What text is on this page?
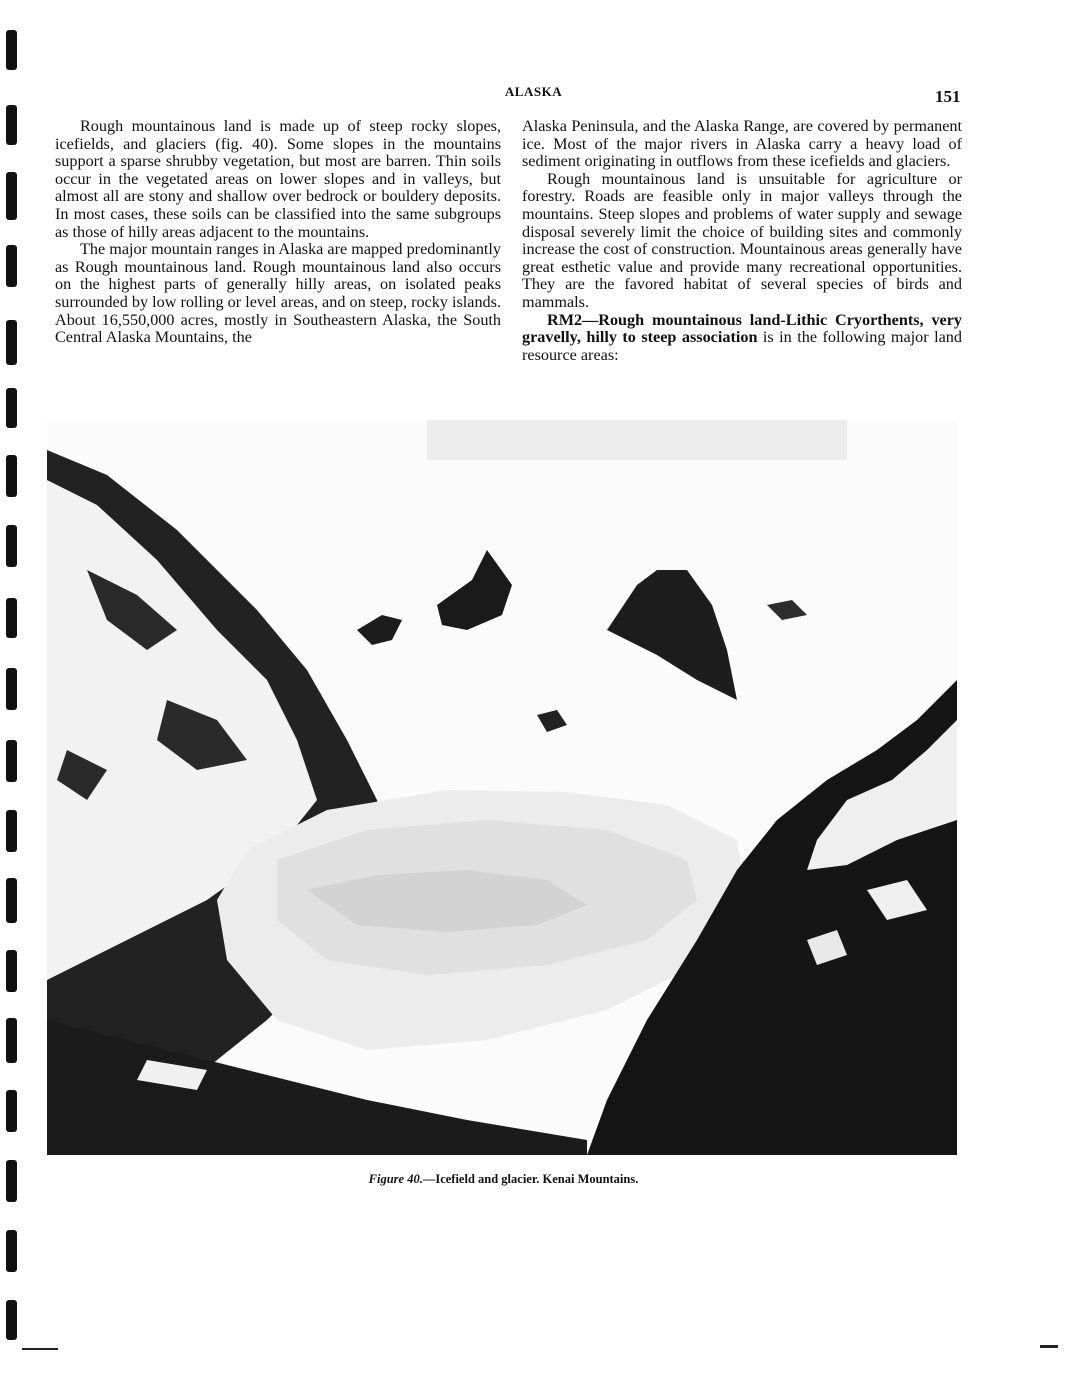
ALASKA	151

Rough mountainous land is made up of steep rocky slopes, icefields, and glaciers (fig. 40). Some slopes in the mountains support a sparse shrubby vegetation, but most are barren. Thin soils occur in the vegetated areas on lower slopes and in valleys, but almost all are stony and shallow over bedrock or bouldery deposits. In most cases, these soils can be classified into the same subgroups as those of hilly areas adjacent to the mountains.

The major mountain ranges in Alaska are mapped predominantly as Rough mountainous land. Rough mountainous land also occurs on the highest parts of generally hilly areas, on isolated peaks surrounded by low rolling or level areas, and on steep, rocky islands. About 16,550,000 acres, mostly in Southeastern Alaska, the South Central Alaska Mountains, the

Alaska Peninsula, and the Alaska Range, are covered by permanent ice. Most of the major rivers in Alaska carry a heavy load of sediment originating in outflows from these icefields and glaciers.

Rough mountainous land is unsuitable for agriculture or forestry. Roads are feasible only in major valleys through the mountains. Steep slopes and problems of water supply and sewage disposal severely limit the choice of building sites and commonly increase the cost of construction. Mountainous areas generally have great esthetic value and provide many recreational opportunities. They are the favored habitat of several species of birds and mammals.

RM2—Rough mountainous land-Lithic Cryorthents, very gravelly, hilly to steep association is in the following major land resource areas:

Figure 40.—Icefield and glacier. Kenai Mountains.
